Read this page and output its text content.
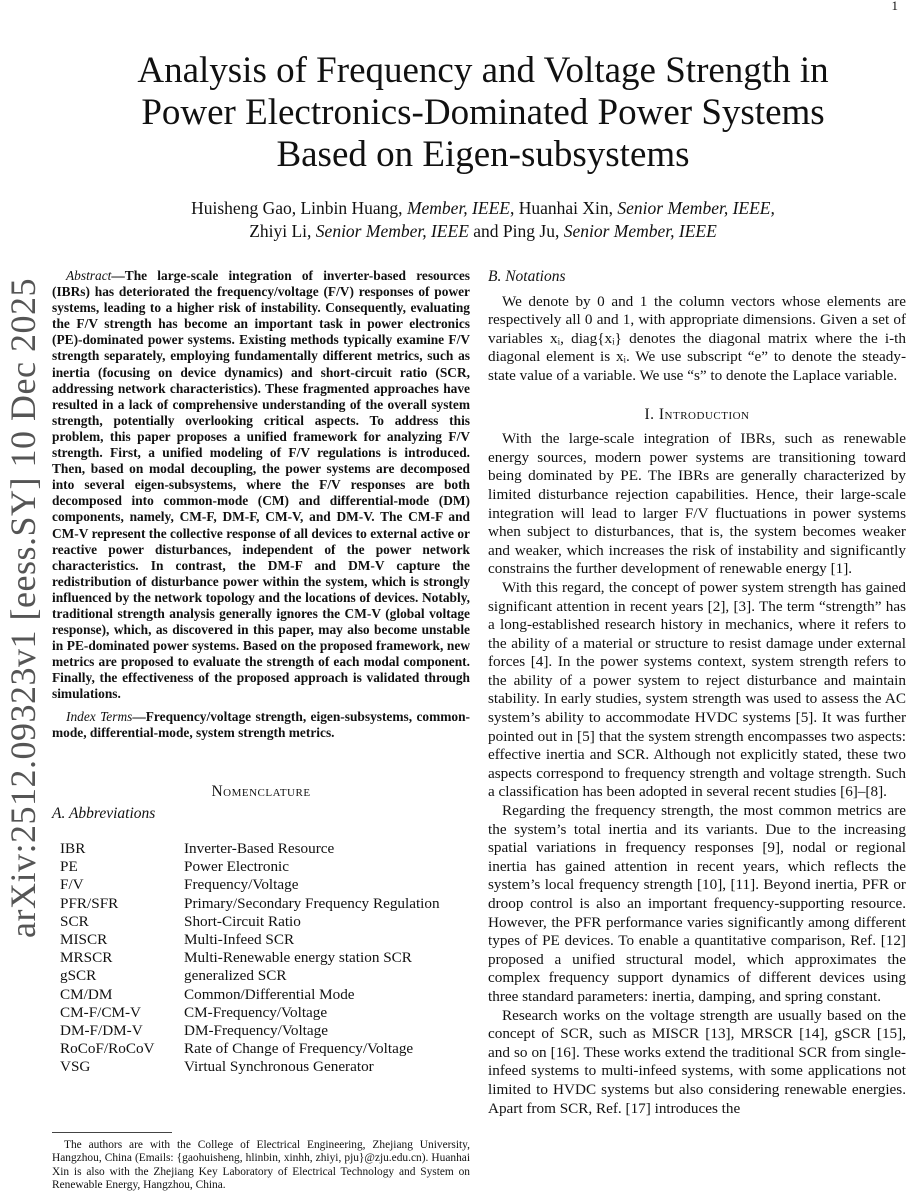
1
arXiv:2512.09323v1 [eess.SY] 10 Dec 2025
Analysis of Frequency and Voltage Strength in
Power Electronics-Dominated Power Systems
Based on Eigen-subsystems
Huisheng Gao, Linbin Huang, Member, IEEE, Huanhai Xin, Senior Member, IEEE,
Zhiyi Li, Senior Member, IEEE and Ping Ju, Senior Member, IEEE

Abstract—The large-scale integration of inverter-based resources (IBRs) has deteriorated the frequency/voltage (F/V) responses of power systems, leading to a higher risk of instability. Consequently, evaluating the F/V strength has become an important task in power electronics (PE)-dominated power systems. Existing methods typically examine F/V strength separately, employing fundamentally different metrics, such as inertia (focusing on device dynamics) and short-circuit ratio (SCR, addressing network characteristics). These fragmented approaches have resulted in a lack of comprehensive understanding of the overall system strength, potentially overlooking critical aspects. To address this problem, this paper proposes a unified framework for analyzing F/V strength. First, a unified modeling of F/V regulations is introduced. Then, based on modal decoupling, the power systems are decomposed into several eigen-subsystems, where the F/V responses are both decomposed into common-mode (CM) and differential-mode (DM) components, namely, CM-F, DM-F, CM-V, and DM-V. The CM-F and CM-V represent the collective response of all devices to external active or reactive power disturbances, independent of the power network characteristics. In contrast, the DM-F and DM-V capture the redistribution of disturbance power within the system, which is strongly influenced by the network topology and the locations of devices. Notably, traditional strength analysis generally ignores the CM-V (global voltage response), which, as discovered in this paper, may also become unstable in PE-dominated power systems. Based on the proposed framework, new metrics are proposed to evaluate the strength of each modal component. Finally, the effectiveness of the proposed approach is validated through simulations.

Index Terms—Frequency/voltage strength, eigen-subsystems, common-mode, differential-mode, system strength metrics.

Nomenclature
A. Abbreviations
IBR	Inverter-Based Resource
PE	Power Electronic
F/V	Frequency/Voltage
PFR/SFR	Primary/Secondary Frequency Regulation
SCR	Short-Circuit Ratio
MISCR	Multi-Infeed SCR
MRSCR	Multi-Renewable energy station SCR
gSCR	generalized SCR
CM/DM	Common/Differential Mode
CM-F/CM-V	CM-Frequency/Voltage
DM-F/DM-V	DM-Frequency/Voltage
RoCoF/RoCoV	Rate of Change of Frequency/Voltage
VSG	Virtual Synchronous Generator
The authors are with the College of Electrical Engineering, Zhejiang University, Hangzhou, China (Emails: {gaohuisheng, hlinbin, xinhh, zhiyi, pju}@zju.edu.cn). Huanhai Xin is also with the Zhejiang Key Laboratory of Electrical Technology and System on Renewable Energy, Hangzhou, China.
B. Notations

We denote by 0 and 1 the column vectors whose elements are respectively all 0 and 1, with appropriate dimensions. Given a set of variables xᵢ, diag{xᵢ} denotes the diagonal matrix where the i-th diagonal element is xᵢ. We use subscript “e” to denote the steady-state value of a variable. We use “s” to denote the Laplace variable.

I. Introduction

With the large-scale integration of IBRs, such as renewable energy sources, modern power systems are transitioning toward being dominated by PE. The IBRs are generally characterized by limited disturbance rejection capabilities. Hence, their large-scale integration will lead to larger F/V fluctuations in power systems when subject to disturbances, that is, the system becomes weaker and weaker, which increases the risk of instability and significantly constrains the further development of renewable energy [1].

With this regard, the concept of power system strength has gained significant attention in recent years [2], [3]. The term “strength” has a long-established research history in mechanics, where it refers to the ability of a material or structure to resist damage under external forces [4]. In the power systems context, system strength refers to the ability of a power system to reject disturbance and maintain stability. In early studies, system strength was used to assess the AC system’s ability to accommodate HVDC systems [5]. It was further pointed out in [5] that the system strength encompasses two aspects: effective inertia and SCR. Although not explicitly stated, these two aspects correspond to frequency strength and voltage strength. Such a classification has been adopted in several recent studies [6]–[8].

Regarding the frequency strength, the most common metrics are the system’s total inertia and its variants. Due to the increasing spatial variations in frequency responses [9], nodal or regional inertia has gained attention in recent years, which reflects the system’s local frequency strength [10], [11]. Beyond inertia, PFR or droop control is also an important frequency-supporting resource. However, the PFR performance varies significantly among different types of PE devices. To enable a quantitative comparison, Ref. [12] proposed a unified structural model, which approximates the complex frequency support dynamics of different devices using three standard parameters: inertia, damping, and spring constant.

Research works on the voltage strength are usually based on the concept of SCR, such as MISCR [13], MRSCR [14], gSCR [15], and so on [16]. These works extend the traditional SCR from single-infeed systems to multi-infeed systems, with some applications not limited to HVDC systems but also considering renewable energies. Apart from SCR, Ref. [17] introduces the
